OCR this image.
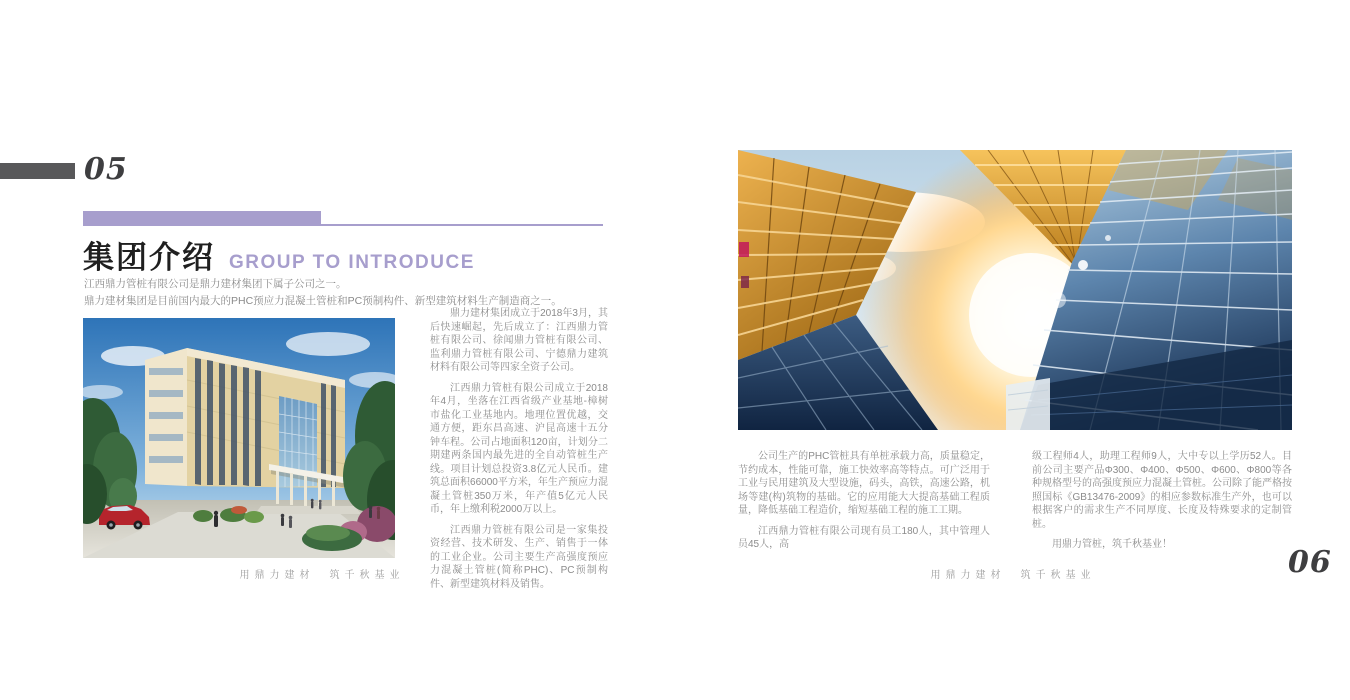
05
集团介绍 GROUP TO INTRODUCE
江西鼎力管桩有限公司是鼎力建材集团下属子公司之一。
鼎力建材集团是目前国内最大的PHC预应力混凝土管桩和PC预制构件、新型建筑材料生产制造商之一。

鼎力建材集团成立于2018年3月，其后快速崛起，先后成立了：江西鼎力管桩有限公司、徐闻鼎力管桩有限公司、监利鼎力管桩有限公司、宁德鼎力建筑材料有限公司等四家全资子公司。

江西鼎力管桩有限公司成立于2018年4月，坐落在江西省级产业基地-樟树市盐化工业基地内。地理位置优越，交通方便，距东昌高速、沪昆高速十五分钟车程。公司占地面积120亩，计划分二期建两条国内最先进的全自动管桩生产线。项目计划总投资3.8亿元人民币。建筑总面积66000平方米，年生产预应力混凝土管桩350万米，年产值5亿元人民币，年上缴利税2000万以上。

江西鼎力管桩有限公司是一家集投资经营、技术研发、生产、销售于一体的工业企业。公司主要生产高强度预应力混凝土管桩(简称PHC)、PC预制构件、新型建筑材料及销售。

用鼎力建材　筑千秋基业

公司生产的PHC管桩具有单桩承载力高，质量稳定，节约成本，性能可靠，施工快效率高等特点。可广泛用于工业与民用建筑及大型设施，码头，高铁，高速公路，机场等建(构)筑物的基础。它的应用能大大提高基础工程质量，降低基础工程造价，缩短基础工程的施工工期。

江西鼎力管桩有限公司现有员工180人，其中管理人员45人，高

级工程师4人，助理工程师9人，大中专以上学历52人。目前公司主要产品Φ300、Φ400、Φ500、Φ600、Φ800等各种规格型号的高强度预应力混凝土管桩。公司除了能严格按照国标《GB13476-2009》的相应参数标准生产外，也可以根据客户的需求生产不同厚度、长度及特殊要求的定制管桩。

用鼎力管桩，筑千秋基业！

用鼎力建材　筑千秋基业	06
